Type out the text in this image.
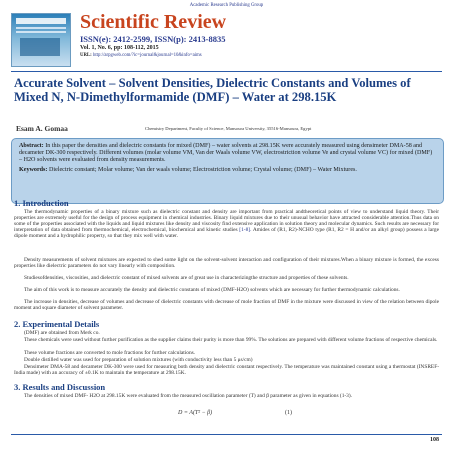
Academic Research Publishing Group
Scientific Review
ISSN(e): 2412-2599, ISSN(p): 2413-8835
Vol. 1, No. 6, pp: 108-112, 2015
URL: http://arpgweb.com/?ic=journal&journal=10&info=aims
Accurate Solvent – Solvent Densities, Dielectric Constants and Volumes of Mixed N, N-Dimethylformamide (DMF) – Water at 298.15K
Esam A. Gomaa	Chemistry Department, Faculty of Science, Mansoura University, 35516-Mansoura, Egypt
Abstract: In this paper the densities and dielectric constants for mixed (DMF) – water solvents at 298.15K were accurately measured using densimeter DMA-58 and decameter DK-300 respectively. Different volumes (molar volume VM, Van der Waals volume VW, electrostriction volume Ve and crystal volume VC) for mixed (DMF) – H2O solvents were evaluated from density measurements.
Keywords: Dielectric constant; Molar volume; Van der waals volume; Electrostriction volume; Crystal volume; (DMF) – Water Mixtures.
1. Introduction
The thermodynamic properties of a binary mixture such as dielectric constant and density are important from practical andtheoretical points of view to understand liquid theory. Their properties are extremely useful for the design of process equipment in chemical industries. Binary liquid mixtures due to their unusual behavior have attracted considerable attention.Thus data on some of the properties associated with the liquids and liquid mixtures like density and viscosity find extensive application in solution theory and molecular dynamics. Such results are necessary for interpretation of data obtained from thermochemical, electrochemical, biochemical and kinetic studies [1-8]. Amides of (R1, R2)-NCHO type (R1, R2 = H and/or an alkyl group) possess a large dipole moment and a hydrophilic property, so that they mix well with water.
Density measurements of solvent mixtures are expected to shed some light on the solvent-solvent interaction and configuration of their mixtures.When a binary mixture is formed, the excess properties like dielectric parameters do not vary linearly with composition.
Studiesofdensities, viscosities, and dielectric constant of mixed solvents are of great use in characterizingthe structure and properties of these solvents.
The aim of this work is to measure accurately the density and dielectric constants of mixed (DMF-H2O) solvents which are necessary for further thermodynamic calculations.
The increase in densities, decrease of volumes and decrease of dielectric constants with decrease of mole fraction of DMF in the mixture were discussed in view of the relation between dipole moment and square diameter of solvent parameter.
2. Experimental Details
(DMF) are obtained from Merk co.
These chemicals were used without further purification as the supplier claims their purity is more than 99%. The solutions are prepared with different volume fractions of respective chemicals.
These volume fractions are converted to mole fractions for further calculations.
Double distilled water was used for preparation of solution mixtures (with conductivity less than 5 μs/cm)
Densimeter DMA-58 and decameter DK-300 were used for measuring both density and dielectric constant respectively. The temperature was maintained constant using a thermostat (INSREF-India made) with an accuracy of ±0.1K to maintain the temperature at 298.15K.
3. Results and Discussion
The densities of mixed DMF- H2O at 298.15K were evaluated from the measured oscillation parameter (T) and β parameter as given in equations (1-3).
D = A(T² − β)	(1)
108
